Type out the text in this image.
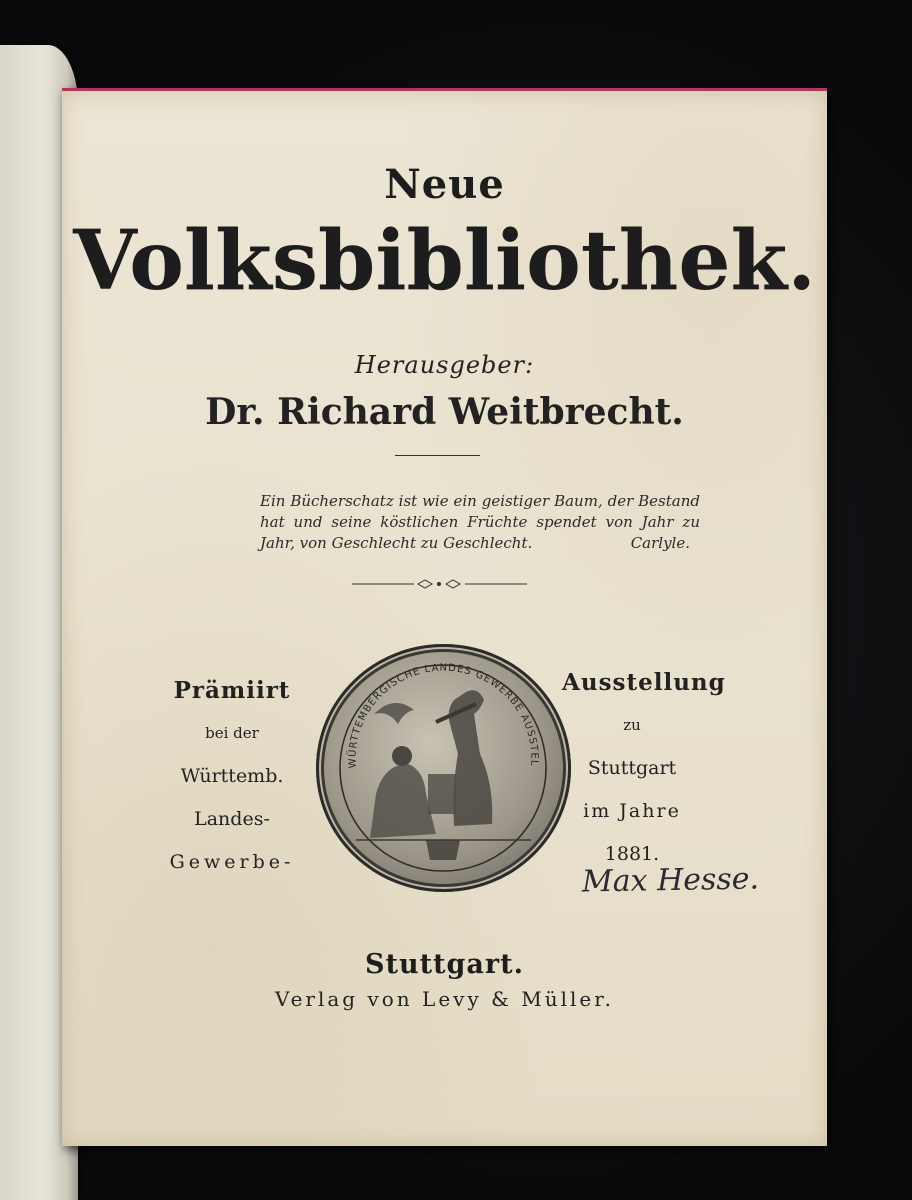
Neue
Volksbibliothek.
Herausgeber:
Dr. Richard Weitbrecht.
Ein Bücherschatz ist wie ein geistiger Baum, der Bestand hat und seine köstlichen Früchte spendet von Jahr zu Jahr, von Geschlecht zu Geschlecht.	Carlyle.
Prämiirt
bei der
Württemb.
Landes-
Gewerbe-
WÜRTTEMBERGISCHE LANDES GEWERBE AUSSTEL
Ausstellung
zu
Stuttgart
im Jahre
1881.
Max Hesse.
Stuttgart.
Verlag von Levy & Müller.
